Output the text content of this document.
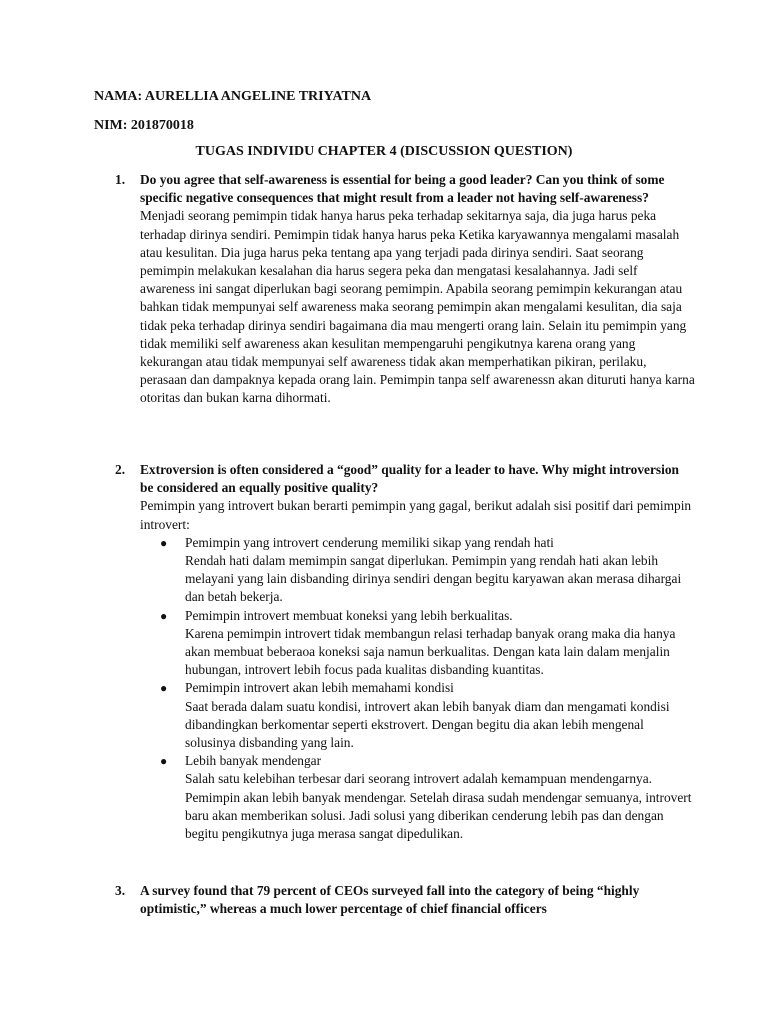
NAMA: AURELLIA ANGELINE TRIYATNA
NIM: 201870018
TUGAS INDIVIDU CHAPTER 4 (DISCUSSION QUESTION)
1. Do you agree that self-awareness is essential for being a good leader? Can you think of some specific negative consequences that might result from a leader not having self-awareness?

Menjadi seorang pemimpin tidak hanya harus peka terhadap sekitarnya saja, dia juga harus peka terhadap dirinya sendiri. Pemimpin tidak hanya harus peka Ketika karyawannya mengalami masalah atau kesulitan. Dia juga harus peka tentang apa yang terjadi pada dirinya sendiri. Saat seorang pemimpin melakukan kesalahan dia harus segera peka dan mengatasi kesalahannya. Jadi self awareness ini sangat diperlukan bagi seorang pemimpin. Apabila seorang pemimpin kekurangan atau bahkan tidak mempunyai self awareness maka seorang pemimpin akan mengalami kesulitan, dia saja tidak peka terhadap dirinya sendiri bagaimana dia mau mengerti orang lain. Selain itu pemimpin yang tidak memiliki self awareness akan kesulitan mempengaruhi pengikutnya karena orang yang kekurangan atau tidak mempunyai self awareness tidak akan memperhatikan pikiran, perilaku, perasaan dan dampaknya kepada orang lain. Pemimpin tanpa self awarenessn akan dituruti hanya karna otoritas dan bukan karna dihormati.

2. Extroversion is often considered a “good” quality for a leader to have. Why might introversion be considered an equally positive quality?

Pemimpin yang introvert bukan berarti pemimpin yang gagal, berikut adalah sisi positif dari pemimpin introvert:

● Pemimpin yang introvert cenderung memiliki sikap yang rendah hati
Rendah hati dalam memimpin sangat diperlukan. Pemimpin yang rendah hati akan lebih melayani yang lain disbanding dirinya sendiri dengan begitu karyawan akan merasa dihargai dan betah bekerja.
● Pemimpin introvert membuat koneksi yang lebih berkualitas.
Karena pemimpin introvert tidak membangun relasi terhadap banyak orang maka dia hanya akan membuat beberaoa koneksi saja namun berkualitas. Dengan kata lain dalam menjalin hubungan, introvert lebih focus pada kualitas disbanding kuantitas.
● Pemimpin introvert akan lebih memahami kondisi
Saat berada dalam suatu kondisi, introvert akan lebih banyak diam dan mengamati kondisi dibandingkan berkomentar seperti ekstrovert. Dengan begitu dia akan lebih mengenal solusinya disbanding yang lain.
● Lebih banyak mendengar
Salah satu kelebihan terbesar dari seorang introvert adalah kemampuan mendengarnya. Pemimpin akan lebih banyak mendengar. Setelah dirasa sudah mendengar semuanya, introvert baru akan memberikan solusi. Jadi solusi yang diberikan cenderung lebih pas dan dengan begitu pengikutnya juga merasa sangat dipedulikan.
3. A survey found that 79 percent of CEOs surveyed fall into the category of being “highly optimistic,” whereas a much lower percentage of chief financial officers
